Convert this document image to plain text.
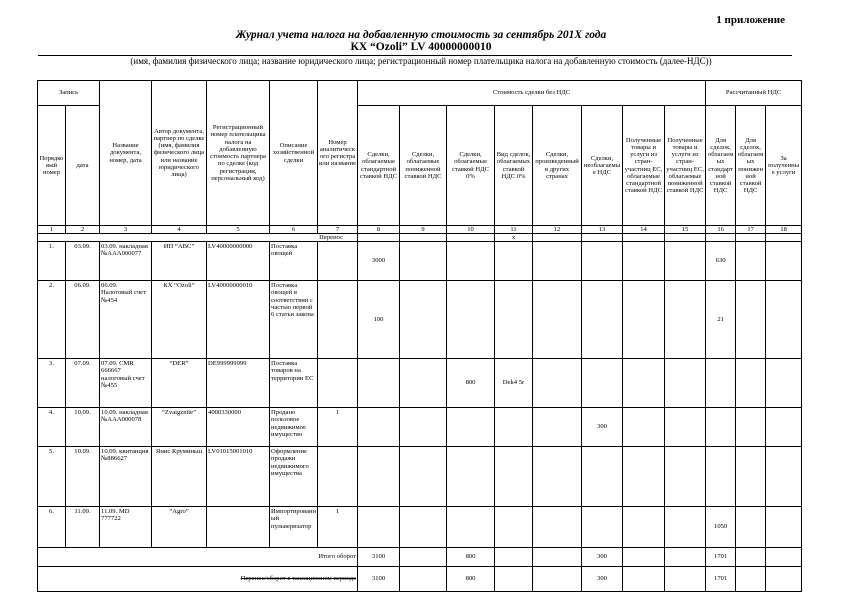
1 приложение
Журнал учета налога на добавленную стоимость за сентябрь 201X года
КХ “Ozoli” LV 40000000010
(имя, фамилия физического лица; название юридического лица; регистрационный номер плательщика налога на добавленную стоимость (далее-НДС))
Запись		Название документа, номер, дата	Автор документа, партнер по сделке (имя, фамилия физического лица или название юридического лица)	Регистрационный номер плательщика налога на добавленную стоимость партнера по сделке (код регистрации, персональный код)	Описание хозяйственной сделки	Номер аналитического регистра или название	Стоимость сделки без НДС								Рассчитанный НДС		
Порядковый номер	дата						Сделки, облагаемые стандартной ставкой НДС	Сделки, облагаемые пониженной ставкой НДС	Сделки, облагаемые ставкой НДС 0%	Вид сделок, облагаемых ставкой НДС 0%	Сделки, произведенный в других странах	Сделки, необлагаемые НДС	Полученные товары и услуги из стран-участниц ЕС, облагаемые стандартной ставкой НДС	Полученные товары и услуги из стран-участниц ЕС, облагаемые пониженной ставкой НДС	Для сделок, облагаемых стандартной ставкой НДС	Для сделок, облагаемых пониженной ставкой НДС	За полученные услуги
1	2	3	4	5	6	7	8	9	10	11	12	13	14	15	16	17	18
Перенос										x							
1.	03.09.	03.09. накладная №ААА000077	ИП “АВС”	LV40000000000	Поставка овощей		3000								630		
2.	06.09.	06.09. Налоговый счет №454	КХ “Ozoli”	LV40000000010	Поставка овощей в соответствии с частью первой 6 статьи закона		100								21		
3.	07.09.	07.09. CMR 666667 налоговый счет №455	“DER”	DE999999999	Поставка товаров на территории ЕС				800	Dek4 5r							
4.	10.09.	10.09. накладная №ААА000078	“Zvaigznīte”	4000330000	Продано пользовое недвижимое имущество	1						300					
5.	10.09.	10.09. квитанция №886627	Янис Круминьш	LV01015001010	Оформление продажи недвижимого имущества												
6.	11.09.	11.09. MD 777722	“Agro”		Импортированный пульверизатор	1									1050		
Итого оборот							3100		800			300			1701		
Перенос/оборот в таксационном периоде							3100		800			300			1701		
